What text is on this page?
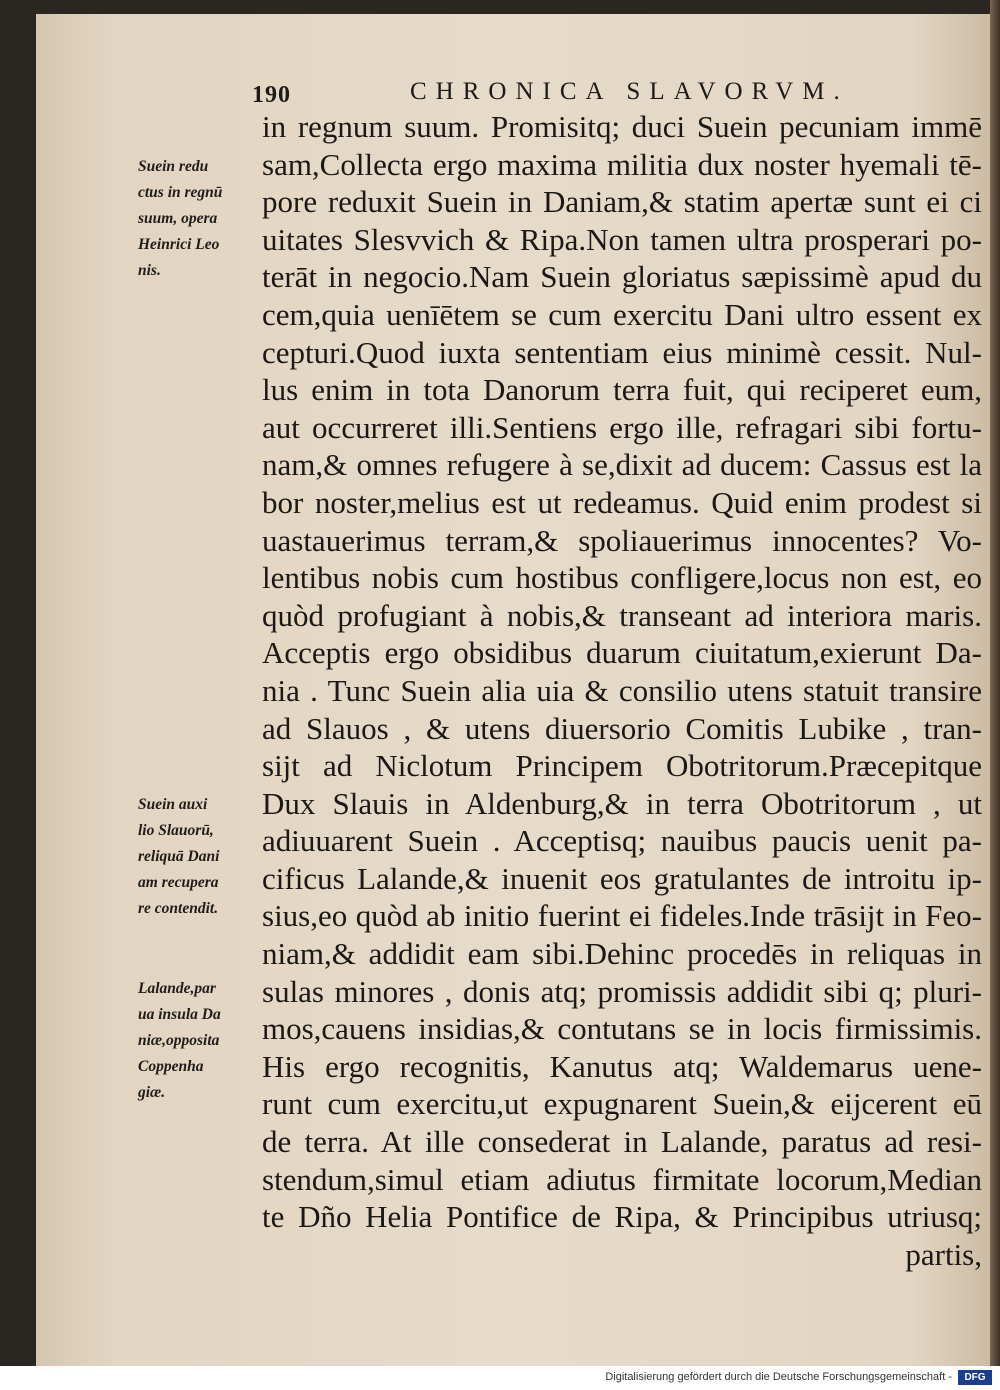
190	CHRONICA SLAVORVM.
Suein redu
ctus in regnū
suum, opera
Heinrici Leo
nis.
Suein auxi
lio Slauorū,
reliquā Dani
am recupera
re contendit.
Lalande,par
ua insula Da
niæ,opposita
Coppenha
giæ.
in regnum suum. Promisitq; duci Suein pecuniam immē
sam,Collecta ergo maxima militia dux noster hyemali tē-
pore reduxit Suein in Daniam,& statim apertæ sunt ei ci
uitates Slesvvich & Ripa.Non tamen ultra prosperari po-
terāt in negocio.Nam Suein gloriatus sæpissimè apud du
cem,quia uenīētem se cum exercitu Dani ultro essent ex
cepturi.Quod iuxta sententiam eius minimè cessit. Nul-
lus enim in tota Danorum terra fuit, qui reciperet eum,
aut occurreret illi.Sentiens ergo ille, refragari sibi fortu-
nam,& omnes refugere à se,dixit ad ducem: Cassus est la
bor noster,melius est ut redeamus. Quid enim prodest si
uastauerimus terram,& spoliauerimus innocentes? Vo-
lentibus nobis cum hostibus confligere,locus non est, eo
quòd profugiant à nobis,& transeant ad interiora maris.
Acceptis ergo obsidibus duarum ciuitatum,exierunt Da-
nia . Tunc Suein alia uia & consilio utens statuit transire
ad Slauos , & utens diuersorio Comitis Lubike , tran-
sijt ad Niclotum Principem Obotritorum.Præcepitque
Dux Slauis in Aldenburg,& in terra Obotritorum , ut
adiuuarent Suein . Acceptisq; nauibus paucis uenit pa-
cificus Lalande,& inuenit eos gratulantes de introitu ip-
sius,eo quòd ab initio fuerint ei fideles.Inde trāsijt in Feo-
niam,& addidit eam sibi.Dehinc procedēs in reliquas in
sulas minores , donis atq; promissis addidit sibi q; pluri-
mos,cauens insidias,& contutans se in locis firmissimis.
His ergo recognitis, Kanutus atq; Waldemarus uene-
runt cum exercitu,ut expugnarent Suein,& eijcerent eū
de terra. At ille consederat in Lalande, paratus ad resi-
stendum,simul etiam adiutus firmitate locorum,Median
te Dño Helia Pontifice de Ripa, & Principibus utriusq;
partis,
Digitalisierung gefördert durch die Deutsche Forschungsgemeinschaft -	DFG
